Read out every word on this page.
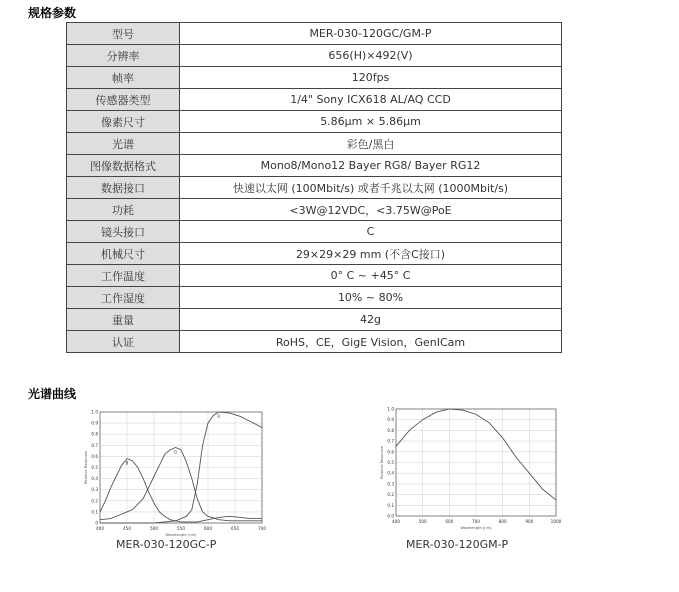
规格参数
型号	MER-030-120GC/GM-P
分辨率	656(H)×492(V)
帧率	120fps
传感器类型	1/4" Sony ICX618 AL/AQ CCD
像素尺寸	5.86μm × 5.86μm
光谱	彩色/黑白
图像数据格式	Mono8/Mono12 Bayer RG8/ Bayer RG12
数据接口	快速以太网 (100Mbit/s) 或者千兆以太网 (1000Mbit/s)
功耗	<3W@12VDC，<3.75W@PoE
镜头接口	C
机械尺寸	29×29×29 mm (不含C接口)
工作温度	0° C ~ +45° C
工作湿度	10% ~ 80%
重量	42g
认证	RoHS，CE，GigE Vision，GenICam
光谱曲线
400	450	500	550	600	650	700
0
0.1
0.2
0.3
0.4
0.5
0.6
0.7
0.8
0.9
1.0
Relative Response
Wavelength (nm)
B
G
R
MER-030-120GC-P
400	500	600	700	800	900	1000
0.0
0.1
0.2
0.3
0.4
0.5
0.6
0.7
0.8
0.9
1.0
Relative Response
Wavelength [nm]
MER-030-120GM-P
